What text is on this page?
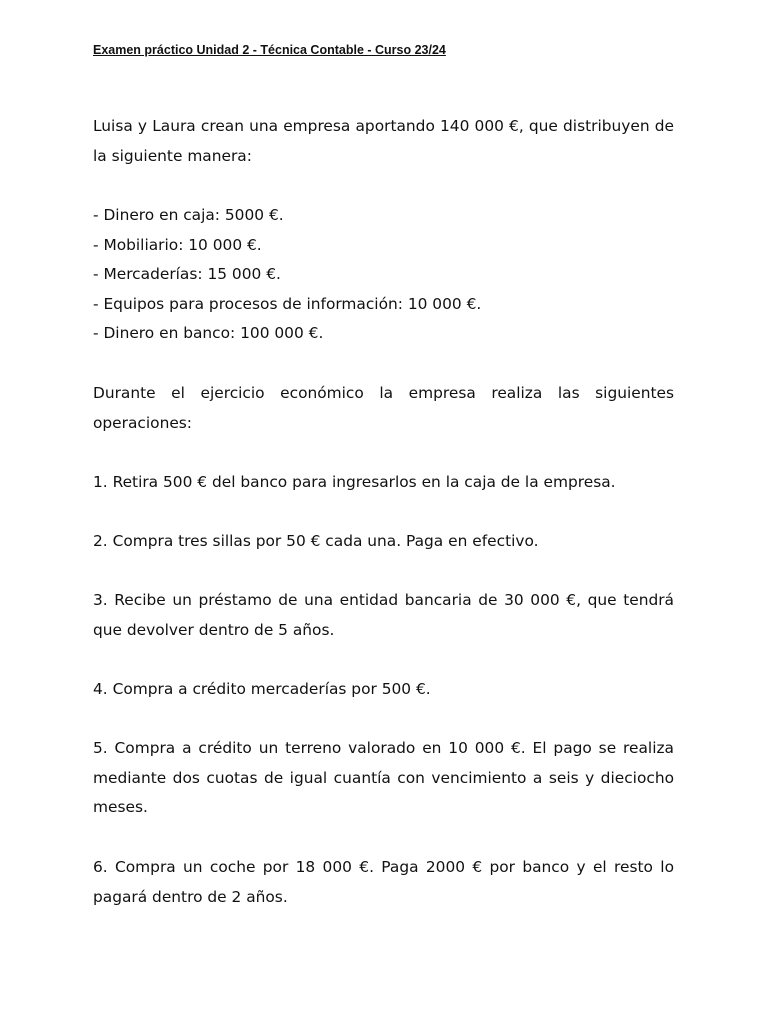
Examen práctico Unidad 2 - Técnica Contable - Curso 23/24
Luisa y Laura crean una empresa aportando 140 000 €, que distribuyen de la siguiente manera:
- Dinero en caja: 5000 €.
- Mobiliario: 10 000 €.
- Mercaderías: 15 000 €.
- Equipos para procesos de información: 10 000 €.
- Dinero en banco: 100 000 €.
Durante el ejercicio económico la empresa realiza las siguientes operaciones:
1. Retira 500 € del banco para ingresarlos en la caja de la empresa.
2. Compra tres sillas por 50 € cada una. Paga en efectivo.
3. Recibe un préstamo de una entidad bancaria de 30 000 €, que tendrá que devolver dentro de 5 años.
4. Compra a crédito mercaderías por 500 €.
5. Compra a crédito un terreno valorado en 10 000 €. El pago se realiza mediante dos cuotas de igual cuantía con vencimiento a seis y dieciocho meses.
6. Compra un coche por 18 000 €. Paga 2000 € por banco y el resto lo pagará dentro de 2 años.
